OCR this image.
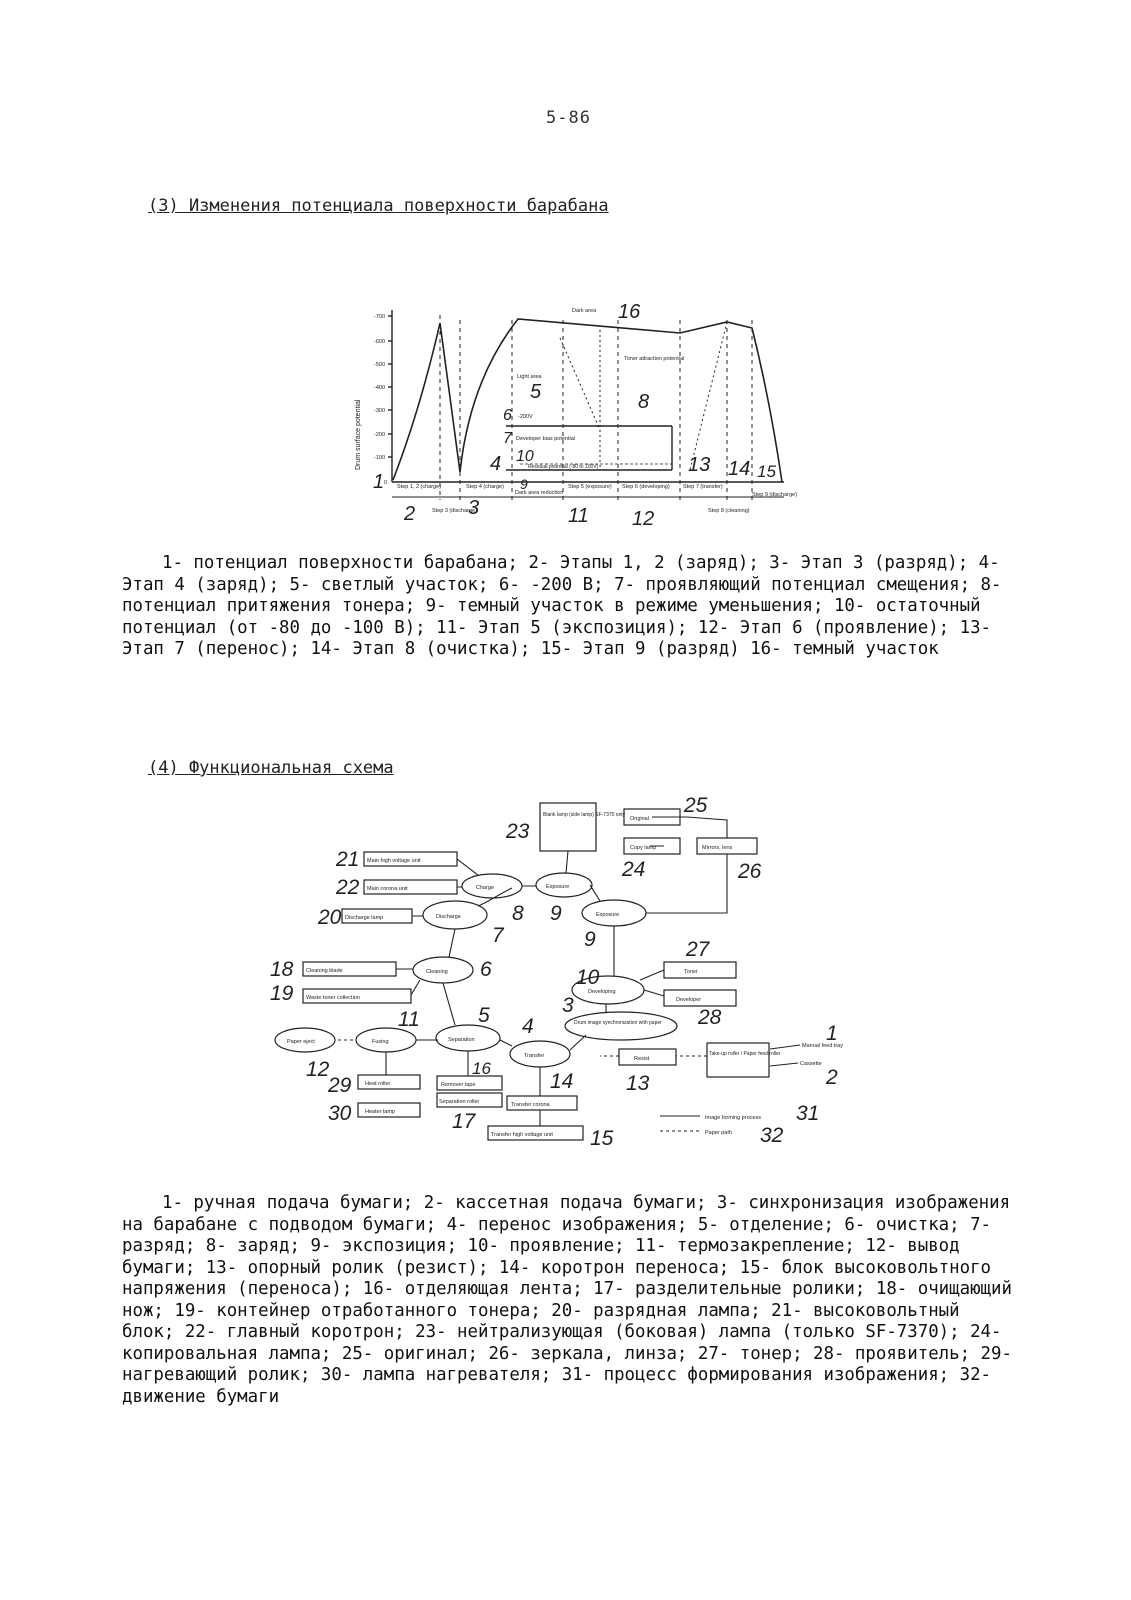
5-86
(3) Изменения потенциала поверхности барабана
-700
-600
-500
-400
-300
-200
-100
0
Drum surface potential
Dark area
Light area
Toner attraction potential
-200V
Developer bias potential
Residual potential (-80 to 100V)
Step 1, 2 (charge)
Step 3 (discharge)
Step 4 (charge)
Dark area reduction
Step 5 (exposure) Step 6 (developing) Step 7 (transfer)
Step 8 (cleaning)
Step 9 (discharge)
1
2	3
4
5
6
7
8
9
10
11 12
13 14 15
16

1- потенциал поверхности барабана; 2- Этапы 1, 2 (заряд); 3- Этап 3 (разряд); 4- Этап 4 (заряд); 5- светлый участок; 6- -200 В; 7- проявляющий потенциал смещения; 8- потенциал притяжения тонера; 9- темный участок в режиме уменьшения; 10- остаточный потенциал (от -80 до -100 В); 11- Этап 5 (экспозиция); 12- Этап 6 (проявление); 13- Этап 7 (перенос); 14- Этап 8 (очистка); 15- Этап 9 (разряд) 16- темный участок

(4) Функциональная схема
Main high voltage unit
Main corona unit
Discharge lamp
Cleaning blade
Waste toner collection
Blank lamp (side lamp) SF-7370 only
Original
Copy lamp	Mirrors, lens
Toner
Developer
Resist
Take-up roller / Paper feed roller
Heat roller
Heater lamp
Remover tape
Separation roller	Transfer corona
Transfer high voltage unit
Manual feed tray
Cassette
Charge	Exposure
Exposure
Discharge
Cleaning
Developing
Drum image synchronization with paper
Paper eject	Fusing	Separation
Transfer
Image forming process
Paper path
1
2
3
4
5
6
7
8 9
9
10
11
12
13
14
15
16
17
18
19
20
21
22
23
24
25
26
27
28
29
30	31
32

1- ручная подача бумаги; 2- кассетная подача бумаги; 3- синхронизация изображения на барабане с подводом бумаги; 4- перенос изображения; 5- отделение; 6- очистка; 7- разряд; 8- заряд; 9- экспозиция; 10- проявление; 11- термозакрепление; 12- вывод бумаги; 13- опорный ролик (резист); 14- коротрон переноса; 15- блок высоковольтного напряжения (переноса); 16- отделяющая лента; 17- разделительные ролики; 18- очищающий нож; 19- контейнер отработанного тонера; 20- разрядная лампа; 21- высоковольтный блок; 22- главный коротрон; 23- нейтрализующая (боковая) лампа (только SF-7370); 24- копировальная лампа; 25- оригинал; 26- зеркала, линза; 27- тонер; 28- проявитель; 29- нагревающий ролик; 30- лампа нагревателя; 31- процесс формирования изображения; 32- движение бумаги
